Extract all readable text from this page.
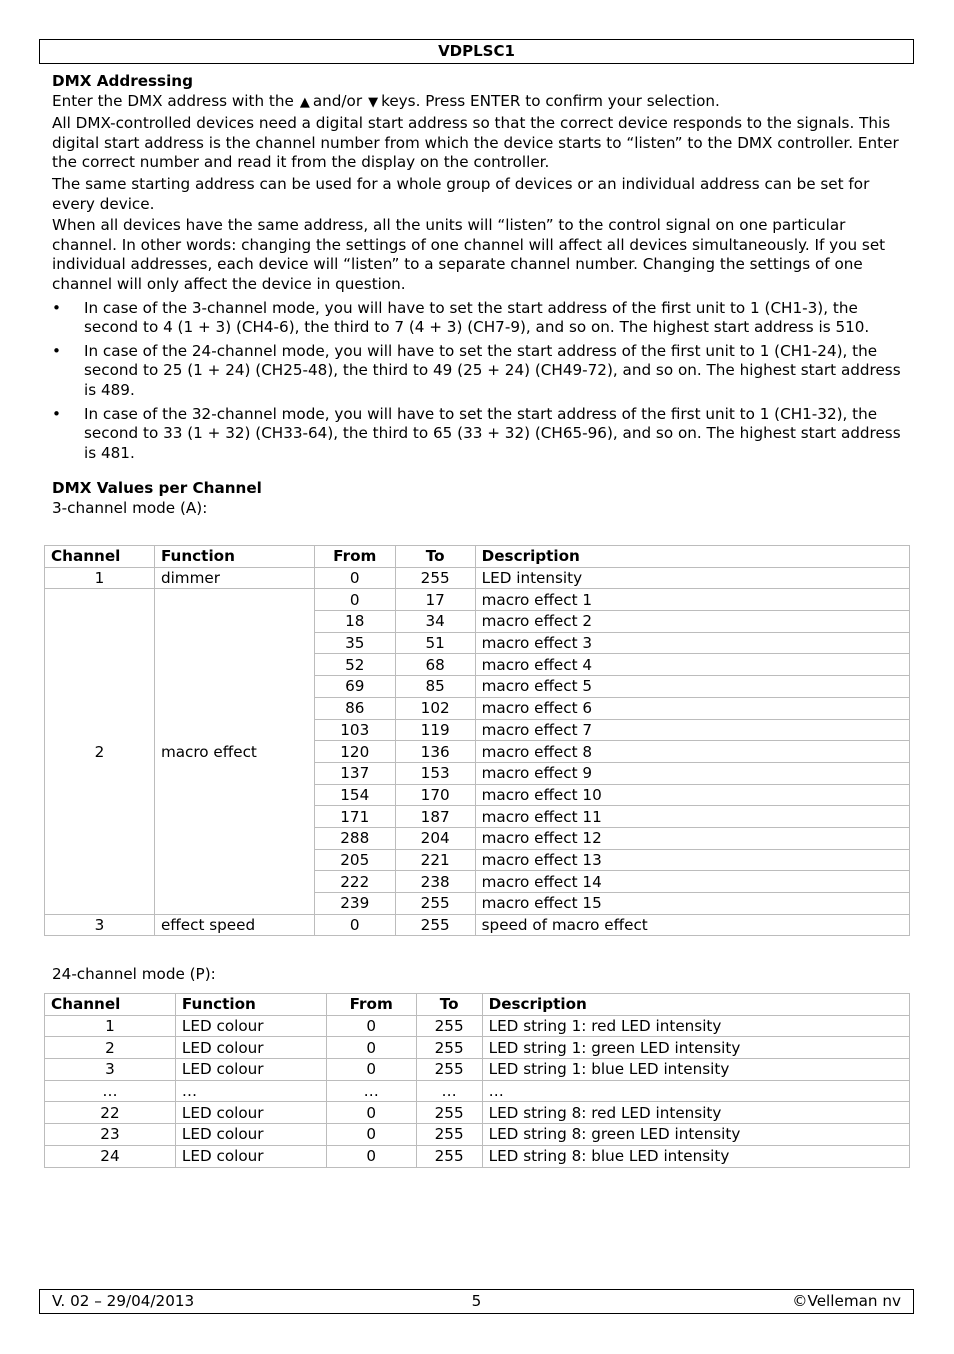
VDPLSC1
DMX Addressing

Enter the DMX address with the ▲ and/or ▼ keys. Press ENTER to confirm your selection.

All DMX-controlled devices need a digital start address so that the correct device responds to the signals. This digital start address is the channel number from which the device starts to “listen” to the DMX controller. Enter the correct number and read it from the display on the controller.

The same starting address can be used for a whole group of devices or an individual address can be set for every device.

When all devices have the same address, all the units will “listen” to the control signal on one particular channel. In other words: changing the settings of one channel will affect all devices simultaneously. If you set individual addresses, each device will “listen” to a separate channel number. Changing the settings of one channel will only affect the device in question.

• In case of the 3-channel mode, you will have to set the start address of the first unit to 1 (CH1-3), the second to 4 (1 + 3) (CH4-6), the third to 7 (4 + 3) (CH7-9), and so on. The highest start address is 510.
• In case of the 24-channel mode, you will have to set the start address of the first unit to 1 (CH1-24), the second to 25 (1 + 24) (CH25-48), the third to 49 (25 + 24) (CH49-72), and so on. The highest start address is 489.
• In case of the 32-channel mode, you will have to set the start address of the first unit to 1 (CH1-32), the second to 33 (1 + 32) (CH33-64), the third to 65 (33 + 32) (CH65-96), and so on. The highest start address is 481.
DMX Values per Channel

3-channel mode (A):

Channel	Function	From	To	Description
1	dimmer	0	255	LED intensity
2	macro effect	0	17	macro effect 1
		18	34	macro effect 2
		35	51	macro effect 3
		52	68	macro effect 4
		69	85	macro effect 5
		86	102	macro effect 6
		103	119	macro effect 7
		120	136	macro effect 8
		137	153	macro effect 9
		154	170	macro effect 10
		171	187	macro effect 11
		288	204	macro effect 12
		205	221	macro effect 13
		222	238	macro effect 14
		239	255	macro effect 15
3	effect speed	0	255	speed of macro effect
24-channel mode (P):
Channel	Function	From	To	Description
1	LED colour	0	255	LED string 1: red LED intensity
2	LED colour	0	255	LED string 1: green LED intensity
3	LED colour	0	255	LED string 1: blue LED intensity
…	…	…	…	…
22	LED colour	0	255	LED string 8: red LED intensity
23	LED colour	0	255	LED string 8: green LED intensity
24	LED colour	0	255	LED string 8: blue LED intensity
5
V. 02 – 29/04/2013	©Velleman nv
